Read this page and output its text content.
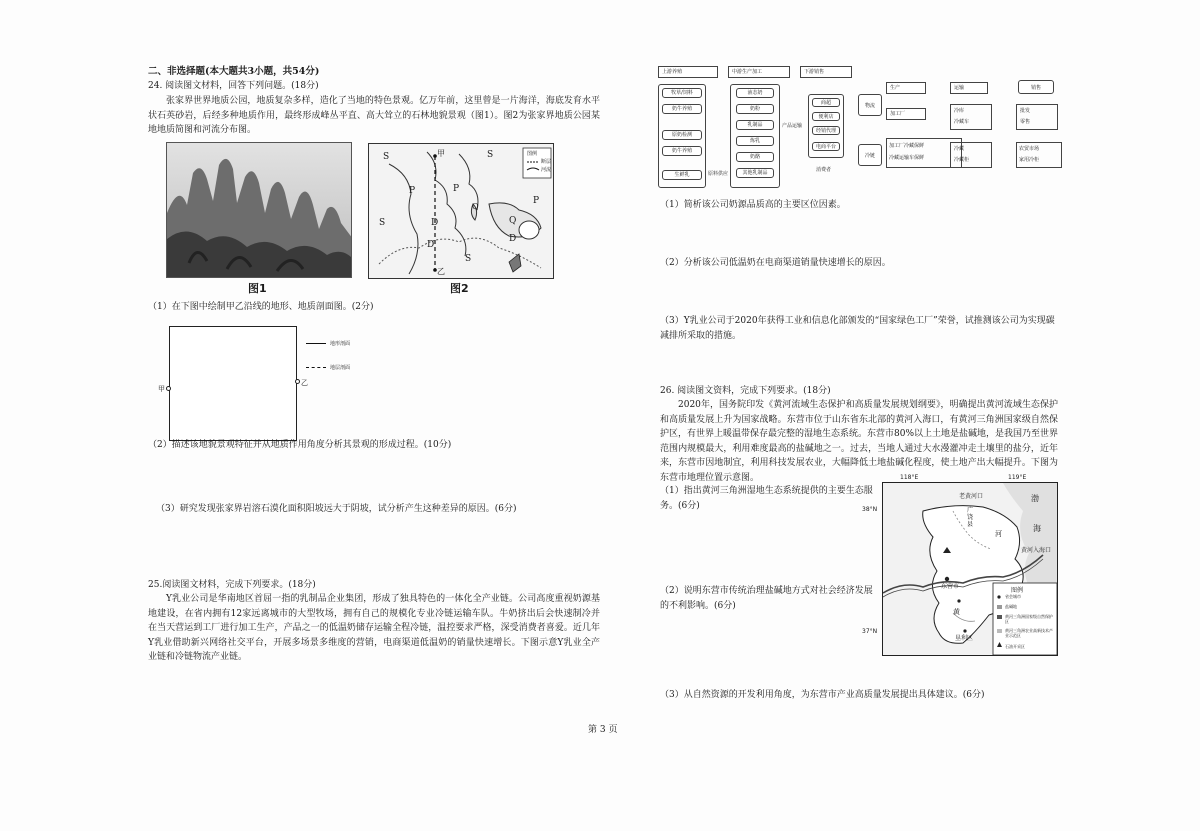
二、非选择题(本大题共3小题，共54分)
24. 阅读图文材料，回答下列问题。(18分)
张家界世界地质公园，地质复杂多样，造化了当地的特色景观。亿万年前，这里曾是一片海洋，海底发育水平状石英砂岩，后经多种地质作用，最终形成峰丛平直、高大耸立的石林地貌景观（图1）。图2为张家界地质公园某地地质简图和河流分布图。
图1
S	S
S
P
D
P
Q
P
D
Q
D
S
甲
乙
图例
断层
河流
图2
（1）在下图中绘制甲乙沿线的地形、地质剖面图。(2分)
甲
乙
地形剖面
地层剖面
（2）描述该地貌景观特征并从地质作用角度分析其景观的形成过程。(10分)
（3）研究发现张家界岩溶石漠化面积阳坡远大于阴坡，试分析产生这种差异的原因。(6分)
25.阅读图文材料，完成下列要求。(18分)
Y乳业公司是华南地区首屈一指的乳制品企业集团，形成了独具特色的一体化全产业链。公司高度重视奶源基地建设，在省内拥有12家远离城市的大型牧场，拥有自己的规模化专业冷链运输车队。牛奶挤出后会快速制冷并在当天营运到工厂进行加工生产，产品之一的低温奶储存运输全程冷链，温控要求严格，深受消费者喜爱。近几年Y乳业借助新兴网络社交平台，开展多场景多维度的营销，电商渠道低温奶的销量快速增长。下图示意Y乳业全产业链和冷链物流产业链。
上游养殖	中游生产加工	下游销售
牧草/饲料
奶牛养殖
原奶检测
奶牛养殖
生鲜乳
液态奶
奶粉
乳制品
炼乳
奶酪
其他乳制品
商超
便利店
经销代理
电商平台
原料供应
产品运输
消费者
物流
生产
加工厂
冷链
加工厂冷藏保鲜
冷藏运输车保鲜
运输	销售
冷库
冷藏车
冷藏
冷藏柜
批发
零售
农贸市场
家用冷柜
（1）简析该公司奶源品质高的主要区位因素。
（2）分析该公司低温奶在电商渠道销量快速增长的原因。
（3）Y乳业公司于2020年获得工业和信息化部颁发的“国家绿色工厂”荣誉，试推测该公司为实现碳减排所采取的措施。
26. 阅读图文资料，完成下列要求。(18分)
2020年，国务院印发《黄河流域生态保护和高质量发展规划纲要》，明确提出黄河流域生态保护和高质量发展上升为国家战略。东营市位于山东省东北部的黄河入海口，有黄河三角洲国家级自然保护区，有世界上暖温带保存最完整的湿地生态系统。东营市80%以上土地是盐碱地，是我国乃至世界范围内规模最大，利用难度最高的盐碱地之一。过去，当地人通过大水漫灌冲走土壤里的盐分，近年来，东营市因地制宜，利用科技发展农业，大幅降低土地盐碱化程度，使土地产出大幅提升。下图为东营市地理位置示意图。
（1）指出黄河三角洲湿地生态系统提供的主要生态服务。(6分)
（2）说明东营市传统治理盐碱地方式对社会经济发展的不利影响。(6分)
118°E	119°E
38°N
37°N
老黄河口	渤
海
黄河入海口
东营市
广饶县
黄
河
垦利区
图例
省会城市
盐碱地
黄河三角洲国家级自然保护区
黄河三角洲农业高新技术产业示范区
石油开采区
（3）从自然资源的开发利用角度，为东营市产业高质量发展提出具体建议。(6分)
第 3 页
